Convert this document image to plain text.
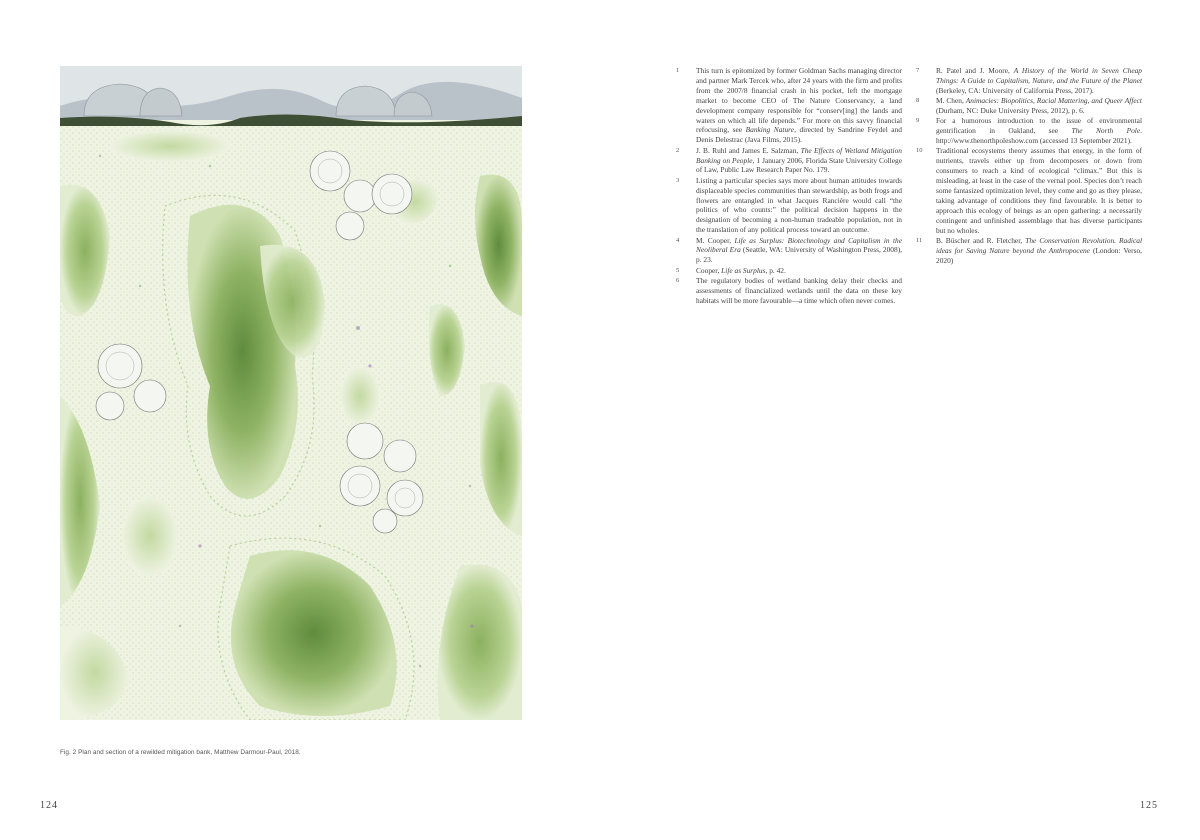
Fig. 2 Plan and section of a rewilded mitigation bank, Matthew Darmour-Paul, 2018.
124	125
1	This turn is epitomized by former Goldman Sachs managing director and partner Mark Tercek who, after 24 years with the firm and profits from the 2007/8 financial crash in his pocket, left the mortgage market to become CEO of The Nature Conservancy, a land development company responsible for “conserv[ing] the lands and waters on which all life depends.” For more on this savvy financial refocusing, see Banking Nature, directed by Sandrine Feydel and Denis Delestrac (Java Films, 2015).
2	J. B. Ruhl and James E. Salzman, The Effects of Wetland Mitigation Banking on People, 1 January 2006, Florida State University College of Law, Public Law Research Paper No. 179.
3	Listing a particular species says more about human attitudes towards displaceable species communities than stewardship, as both frogs and flowers are entangled in what Jacques Rancière would call “the politics of who counts:” the political decision happens in the designation of becoming a non-human tradeable population, not in the translation of any political process toward an outcome.
4	M. Cooper, Life as Surplus: Biotechnology and Capitalism in the Neoliberal Era (Seattle, WA: University of Washington Press, 2008), p. 23.
5	Cooper, Life as Surplus, p. 42.
6	The regulatory bodies of wetland banking delay their checks and assessments of financialized wetlands until the data on these key habitats will be more favourable—a time which often never comes.
7	R. Patel and J. Moore, A History of the World in Seven Cheap Things: A Guide to Capitalism, Nature, and the Future of the Planet (Berkeley, CA: University of California Press, 2017).
8	M. Chen, Animacies: Biopolitics, Racial Mattering, and Queer Affect (Durham, NC: Duke University Press, 2012), p. 6.
9	For a humorous introduction to the issue of environmental gentrification in Oakland, see The North Pole. http://www.thenorthpoleshow.com (accessed 13 September 2021).
10	Traditional ecosystems theory assumes that energy, in the form of nutrients, travels either up from decomposers or down from consumers to reach a kind of ecological “climax.” But this is misleading, at least in the case of the vernal pool. Species don’t reach some fantasized optimization level, they come and go as they please, taking advantage of conditions they find favourable. It is better to approach this ecology of beings as an open gathering: a necessarily contingent and unfinished assemblage that has diverse participants but no wholes.
11	B. Büscher and R. Fletcher, The Conservation Revolution. Radical ideas for Saving Nature beyond the Anthropocene (London: Verso, 2020)
